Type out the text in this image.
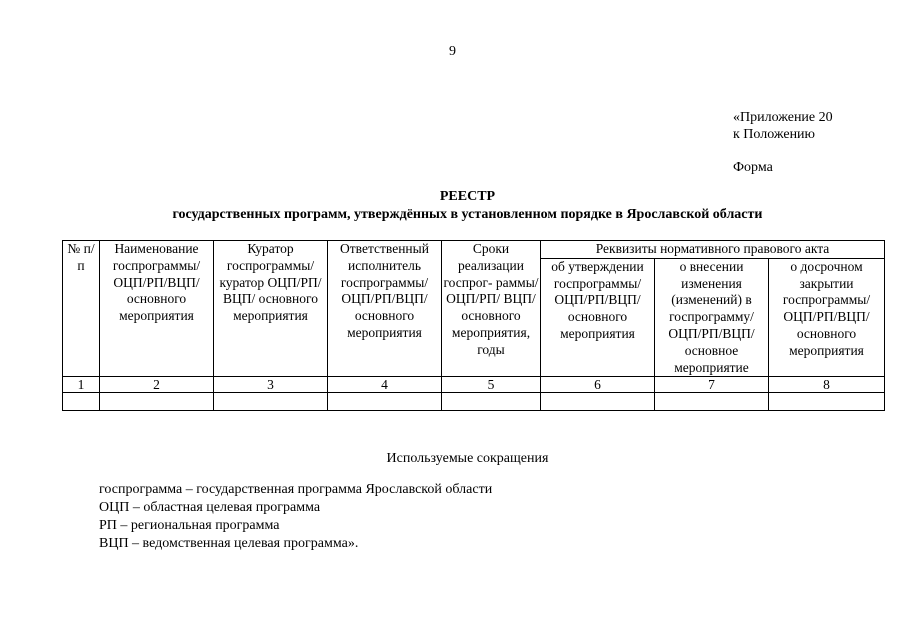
9
«Приложение 20
к Положению
Форма
РЕЕСТР
государственных программ, утверждённых в установленном порядке в Ярославской области
№ п/п	Наименование госпрограммы/ ОЦП/РП/ВЦП/ основного мероприятия	Куратор госпрограммы/ куратор ОЦП/РП/ВЦП/ основного мероприятия	Ответственный исполнитель госпрограммы/ ОЦП/РП/ВЦП/ основного мероприятия	Сроки реализации госпрог- раммы/ ОЦП/РП/ ВЦП/ основного мероприятия, годы	Реквизиты нормативного правового акта		
					об утверждении госпрограммы/ ОЦП/РП/ВЦП/ основного мероприятия	о внесении изменения (изменений) в госпрограмму/ ОЦП/РП/ВЦП/ основное мероприятие	о досрочном закрытии госпрограммы/ ОЦП/РП/ВЦП/ основного мероприятия
1	2	3	4	5	6	7	8

Используемые сокращения
госпрограмма – государственная программа Ярославской области
ОЦП – областная целевая программа
РП – региональная программа
ВЦП – ведомственная целевая программа».
